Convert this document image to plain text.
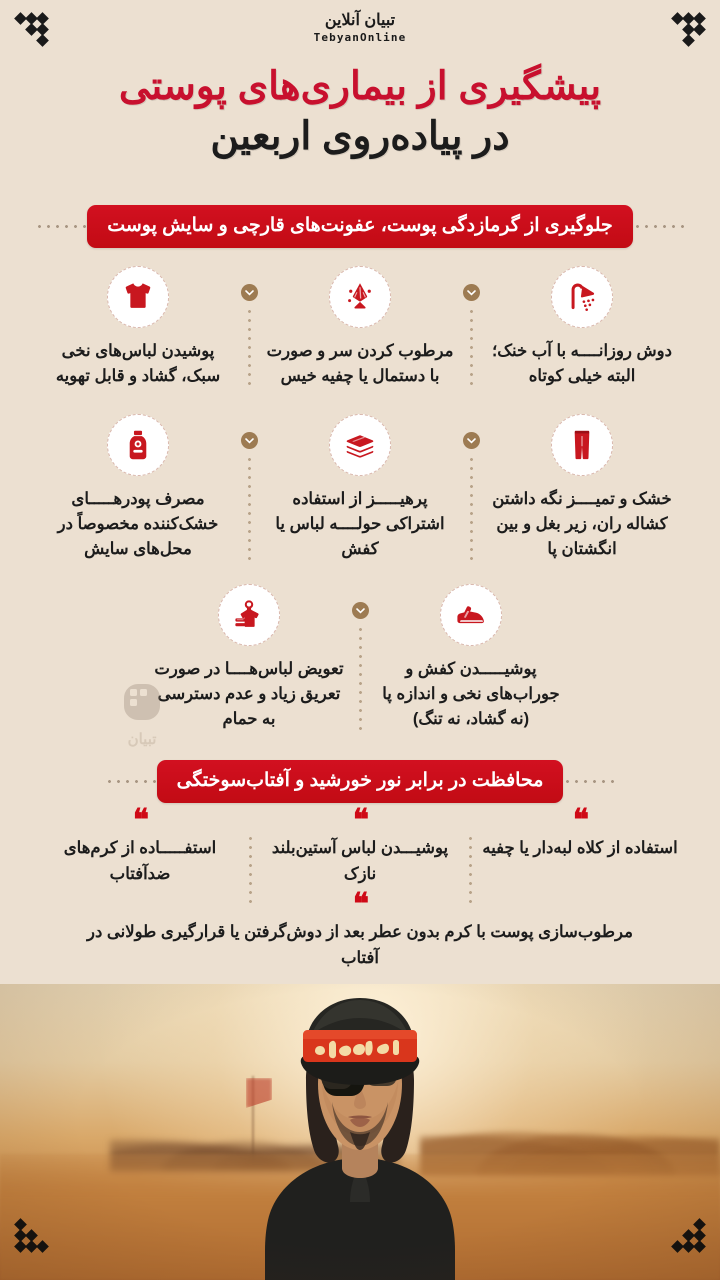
تبیان آنلاین
TebyanOnline
پیشگیری از بیماری‌های پوستی
در پیاده‌روی اربعین
جلوگیری از گرمازدگی پوست، عفونت‌های قارچی و سایش پوست
پوشیدن لباس‌های نخی سبک، گشاد و قابل تهویه
مرطوب کردن سر و صورت با دستمال یا چفیه خیس
دوش روزانــــه با آب خنک؛ البته خیلی کوتاه
مصرف پودرهـــــای خشک‌کننده مخصوصاً در محل‌های سایش
پرهیـــــز از استفاده اشتراکی حولــــه لباس یا کفش
خشک و تمیــــز نگه داشتن کشاله ران، زیر بغل و بین انگشتان پا
تعویض لباس‌هــــا در صورت تعریق زیاد و عدم دسترسی به حمام
پوشیـــــدن کفش و جوراب‌های نخی و اندازه پا (نه گشاد، نه تنگ)
تبیان
محافظت در برابر نور خورشید و آفتاب‌سوختگی
❝
استفـــــاده از کرم‌های ضدآفتاب
❝
پوشیـــدن لباس آستین‌بلند نازک
❝
استفاده از کلاه لبه‌دار یا چفیه
❝
مرطوب‌سازی پوست با کرم بدون عطر بعد از دوش‌گرفتن یا قرارگیری طولانی در آفتاب
